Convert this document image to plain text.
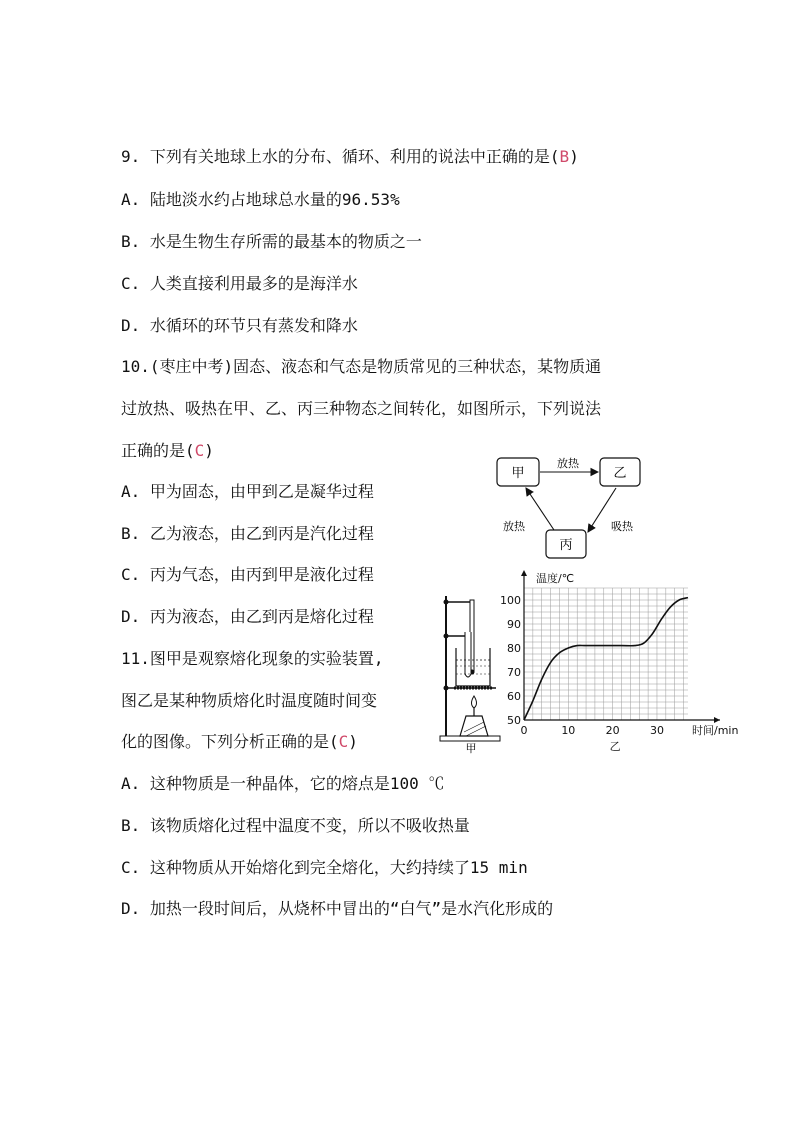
9. 下列有关地球上水的分布、循环、利用的说法中正确的是(B)
A. 陆地淡水约占地球总水量的96.53%
B. 水是生物生存所需的最基本的物质之一
C. 人类直接利用最多的是海洋水
D. 水循环的环节只有蒸发和降水
10.(枣庄中考)固态、液态和气态是物质常见的三种状态，某物质通
过放热、吸热在甲、乙、丙三种物态之间转化，如图所示，下列说法
正确的是(C)
A. 甲为固态，由甲到乙是凝华过程
B. 乙为液态，由乙到丙是汽化过程
C. 丙为气态，由丙到甲是液化过程
D. 丙为液态，由乙到丙是熔化过程
甲	乙
丙
放热
吸热
放热
11.图甲是观察熔化现象的实验装置,
图乙是某种物质熔化时温度随时间变
化的图像。下列分析正确的是(C)
A. 这种物质是一种晶体，它的熔点是100 ℃
B. 该物质熔化过程中温度不变，所以不吸收热量
C. 这种物质从开始熔化到完全熔化，大约持续了15 min
D. 加热一段时间后，从烧杯中冒出的“白气”是水汽化形成的
甲
0	10	20	30
50
60
70
80
90
100
温度/℃
时间/min
乙
